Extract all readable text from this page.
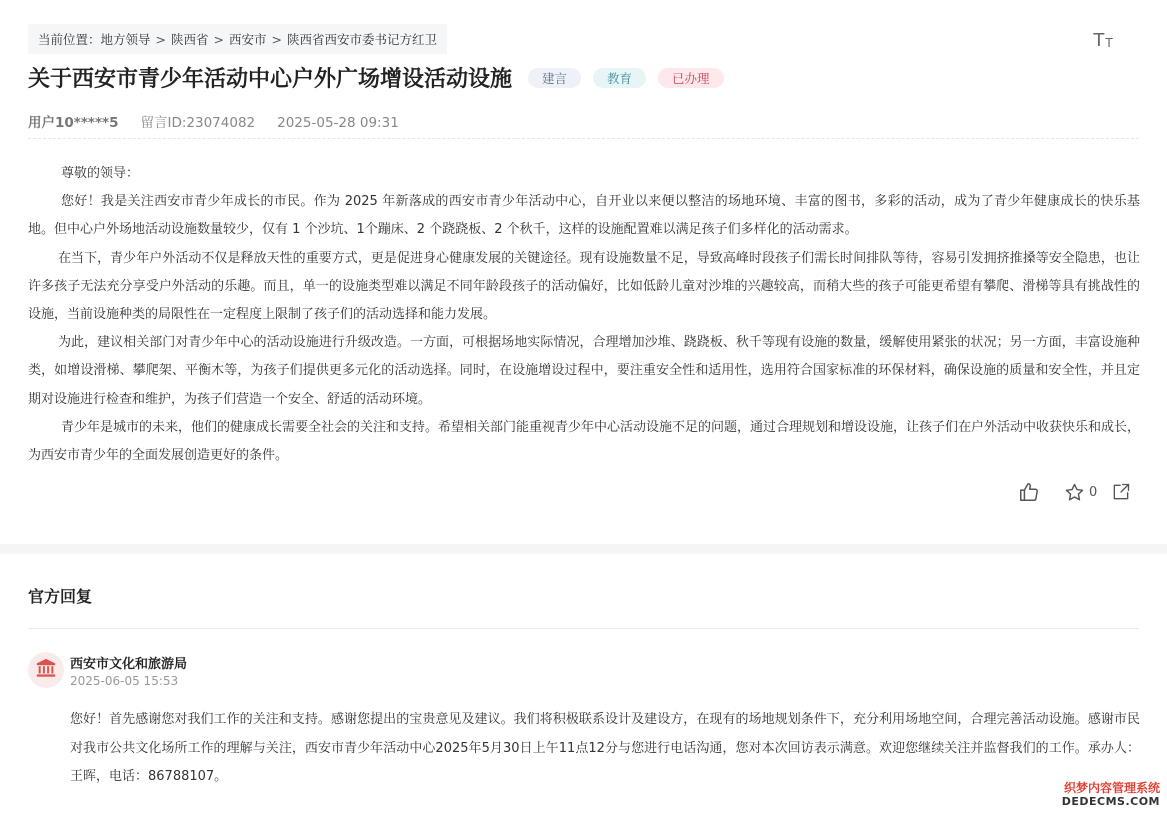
当前位置： 地方领导 > 陕西省 > 西安市 > 陕西省西安市委书记方红卫	T T
关于西安市青少年活动中心户外广场增设活动设施	建言	教育	已办理
用户10*****5 留言ID:23074082 2025-05-28 09:31

尊敬的领导：

您好！我是关注西安市青少年成长的市民。作为 2025 年新落成的西安市青少年活动中心，自开业以来便以整洁的场地环境、丰富的图书，多彩的活动，成为了青少年健康成长的快乐基地。但中心户外场地活动设施数量较少，仅有 1 个沙坑、1个蹦床、2 个跷跷板、2 个秋千，这样的设施配置难以满足孩子们多样化的活动需求。

在当下，青少年户外活动不仅是释放天性的重要方式，更是促进身心健康发展的关键途径。现有设施数量不足，导致高峰时段孩子们需长时间排队等待，容易引发拥挤推搡等安全隐患，也让许多孩子无法充分享受户外活动的乐趣。而且，单一的设施类型难以满足不同年龄段孩子的活动偏好，比如低龄儿童对沙堆的兴趣较高，而稍大些的孩子可能更希望有攀爬、滑梯等具有挑战性的设施，当前设施种类的局限性在一定程度上限制了孩子们的活动选择和能力发展。

为此，建议相关部门对青少年中心的活动设施进行升级改造。一方面，可根据场地实际情况，合理增加沙堆、跷跷板、秋千等现有设施的数量，缓解使用紧张的状况；另一方面，丰富设施种类，如增设滑梯、攀爬架、平衡木等，为孩子们提供更多元化的活动选择。同时，在设施增设过程中，要注重安全性和适用性，选用符合国家标准的环保材料，确保设施的质量和安全性，并且定期对设施进行检查和维护，为孩子们营造一个安全、舒适的活动环境。

青少年是城市的未来，他们的健康成长需要全社会的关注和支持。希望相关部门能重视青少年中心活动设施不足的问题，通过合理规划和增设设施，让孩子们在户外活动中收获快乐和成长，为西安市青少年的全面发展创造更好的条件。

0
官方回复
西安市文化和旅游局
2025-06-05 15:53
您好！首先感谢您对我们工作的关注和支持。感谢您提出的宝贵意见及建议。我们将积极联系设计及建设方，在现有的场地规划条件下，充分利用场地空间，合理完善活动设施。感谢市民对我市公共文化场所工作的理解与关注，西安市青少年活动中心2025年5月30日上午11点12分与您进行电话沟通，您对本次回访表示满意。欢迎您继续关注并监督我们的工作。承办人：王晖，电话：86788107。
织梦内容管理系统
DEDECMS.COM
